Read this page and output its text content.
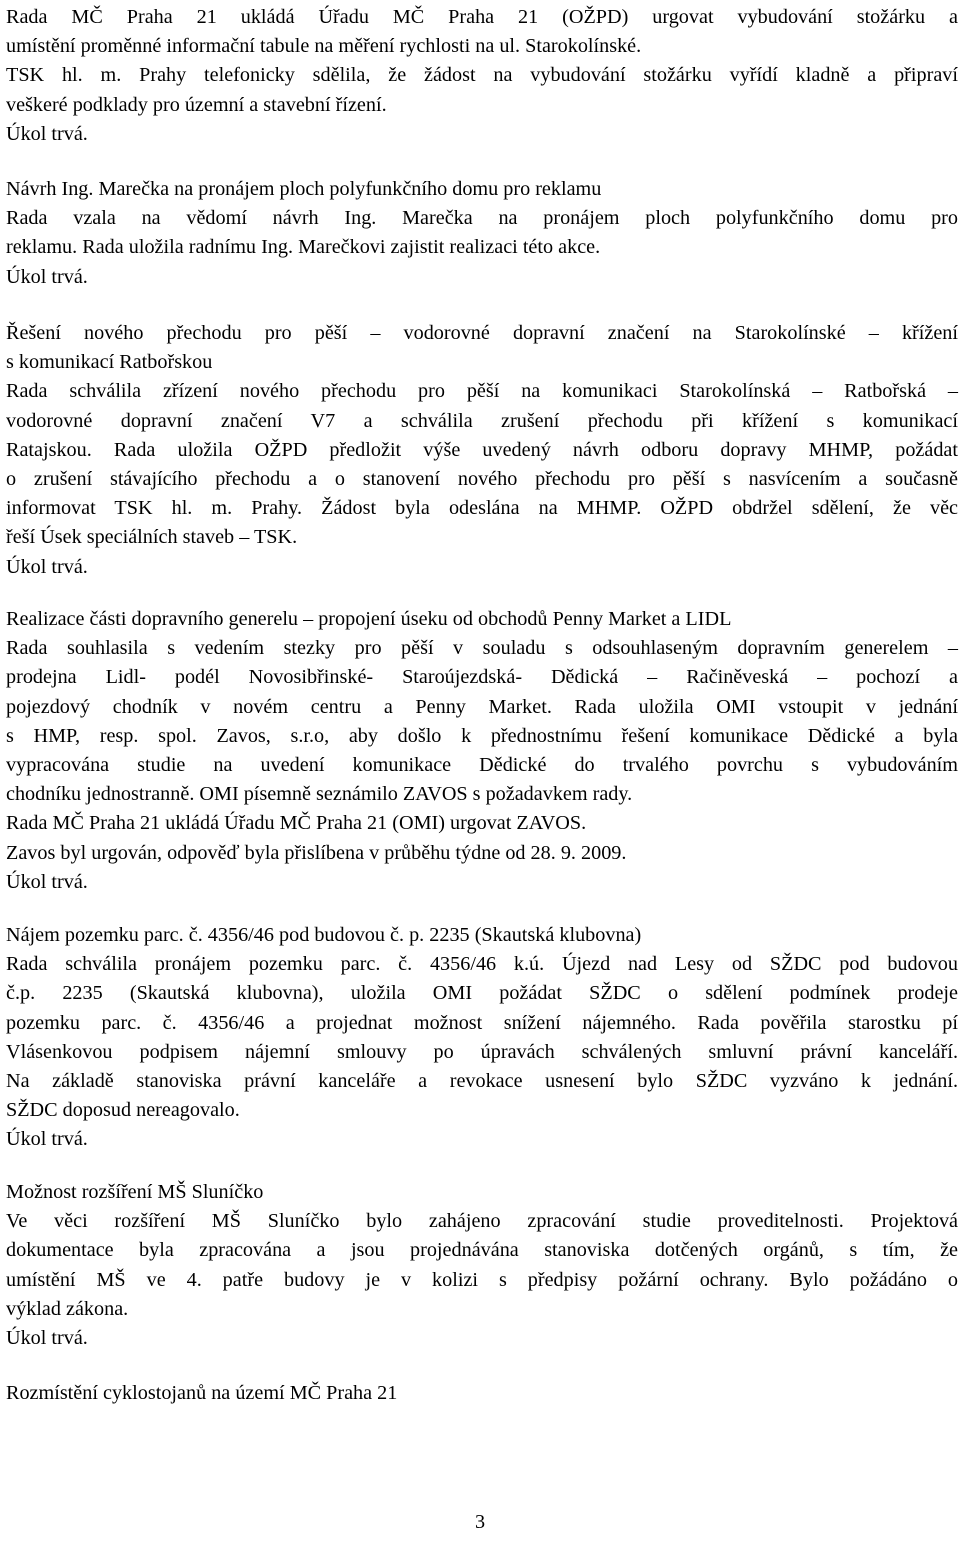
Rada MČ Praha 21 ukládá Úřadu MČ Praha 21 (OŽPD) urgovat vybudování stožárku a
umístění proměnné informační tabule na měření rychlosti na ul. Starokolínské.
TSK hl. m. Prahy telefonicky sdělila, že žádost na vybudování stožárku vyřídí kladně a připraví
veškeré podklady pro územní a stavební řízení.
Úkol trvá.
Návrh Ing. Marečka na pronájem ploch polyfunkčního domu pro reklamu
Rada vzala na vědomí návrh Ing. Marečka na pronájem ploch polyfunkčního domu pro
reklamu. Rada uložila radnímu Ing. Marečkovi zajistit realizaci této akce.
Úkol trvá.
Řešení nového přechodu pro pěší – vodorovné dopravní značení na Starokolínské – křížení
s komunikací Ratbořskou
Rada schválila zřízení nového přechodu pro pěší na komunikaci Starokolínská – Ratbořská –
vodorovné dopravní značení V7 a schválila zrušení přechodu při křížení s komunikací
Ratajskou. Rada uložila OŽPD předložit výše uvedený návrh odboru dopravy MHMP, požádat
o zrušení stávajícího přechodu a o stanovení nového přechodu pro pěší s nasvícením a současně
informovat TSK hl. m. Prahy. Žádost byla odeslána na MHMP. OŽPD obdržel sdělení, že věc
řeší Úsek speciálních staveb – TSK.
Úkol trvá.
Realizace části dopravního generelu – propojení úseku od obchodů Penny Market a LIDL
Rada souhlasila s vedením stezky pro pěší v souladu s odsouhlaseným dopravním generelem –
prodejna Lidl- podél Novosibřinské- Staroújezdská- Dědická – Račiněveská – pochozí a
pojezdový chodník v novém centru a Penny Market. Rada uložila OMI vstoupit v jednání
s HMP, resp. spol. Zavos, s.r.o, aby došlo k přednostnímu řešení komunikace Dědické a byla
vypracována studie na uvedení komunikace Dědické do trvalého povrchu s vybudováním
chodníku jednostranně. OMI písemně seznámilo ZAVOS s požadavkem rady.
Rada MČ Praha 21 ukládá Úřadu MČ Praha 21 (OMI) urgovat ZAVOS.
Zavos byl urgován, odpověď byla přislíbena v průběhu týdne od 28. 9. 2009.
Úkol trvá.
Nájem pozemku parc. č. 4356/46 pod budovou č. p. 2235 (Skautská klubovna)
Rada schválila pronájem pozemku parc. č. 4356/46 k.ú. Újezd nad Lesy od SŽDC pod budovou
č.p. 2235 (Skautská klubovna), uložila OMI požádat SŽDC o sdělení podmínek prodeje
pozemku parc. č. 4356/46 a projednat možnost snížení nájemného. Rada pověřila starostku pí
Vlásenkovou podpisem nájemní smlouvy po úpravách schválených smluvní právní kanceláří.
Na základě stanoviska právní kanceláře a revokace usnesení bylo SŽDC vyzváno k jednání.
SŽDC doposud nereagovalo.
Úkol trvá.
Možnost rozšíření MŠ Sluníčko
Ve věci rozšíření MŠ Sluníčko bylo zahájeno zpracování studie proveditelnosti. Projektová
dokumentace byla zpracována a jsou projednávána stanoviska dotčených orgánů, s tím, že
umístění MŠ ve 4. patře budovy je v kolizi s předpisy požární ochrany. Bylo požádáno o
výklad zákona.
Úkol trvá.
Rozmístění cyklostojanů na území MČ Praha 21
3
